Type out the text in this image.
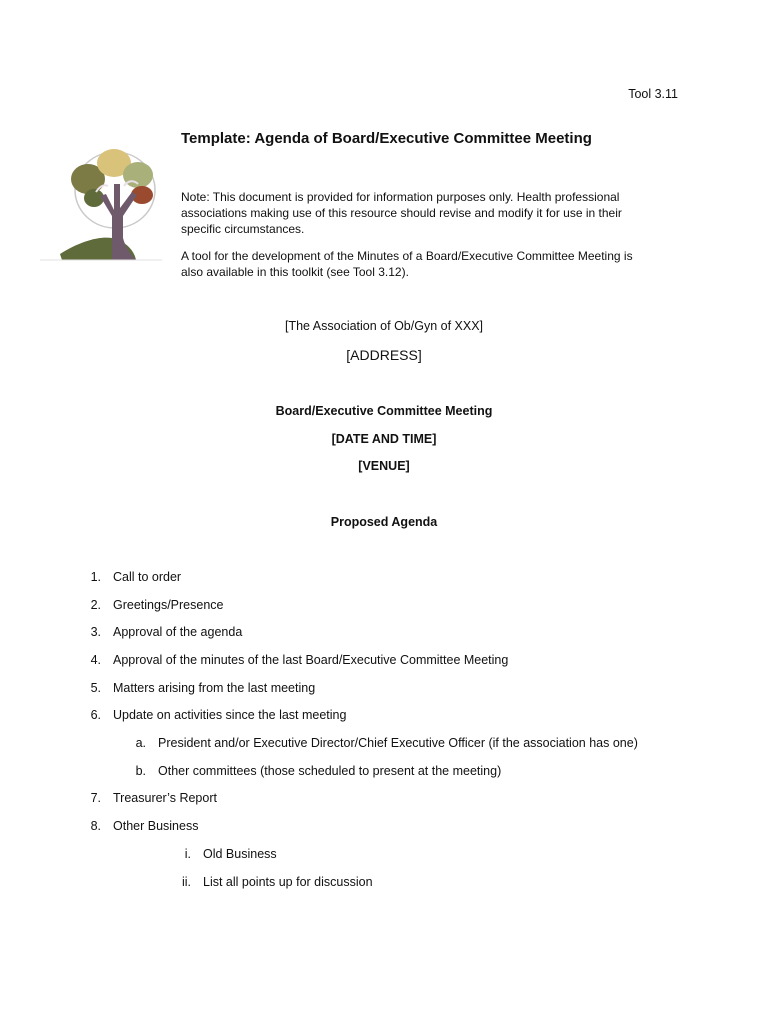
Tool 3.11
Template: Agenda of Board/Executive Committee Meeting
Note: This document is provided for information purposes only. Health professional associations making use of this resource should revise and modify it for use in their specific circumstances.
A tool for the development of the Minutes of a Board/Executive Committee Meeting is also available in this toolkit (see Tool 3.12).
[The Association of Ob/Gyn of XXX]
[ADDRESS]
Board/Executive Committee Meeting
[DATE AND TIME]
[VENUE]
Proposed Agenda
1. Call to order
2. Greetings/Presence
3. Approval of the agenda
4. Approval of the minutes of the last Board/Executive Committee Meeting
5. Matters arising from the last meeting
6. Update on activities since the last meeting
a. President and/or Executive Director/Chief Executive Officer (if the association has one)
b. Other committees (those scheduled to present at the meeting)
7. Treasurer’s Report
8. Other Business
i. Old Business
ii. List all points up for discussion
